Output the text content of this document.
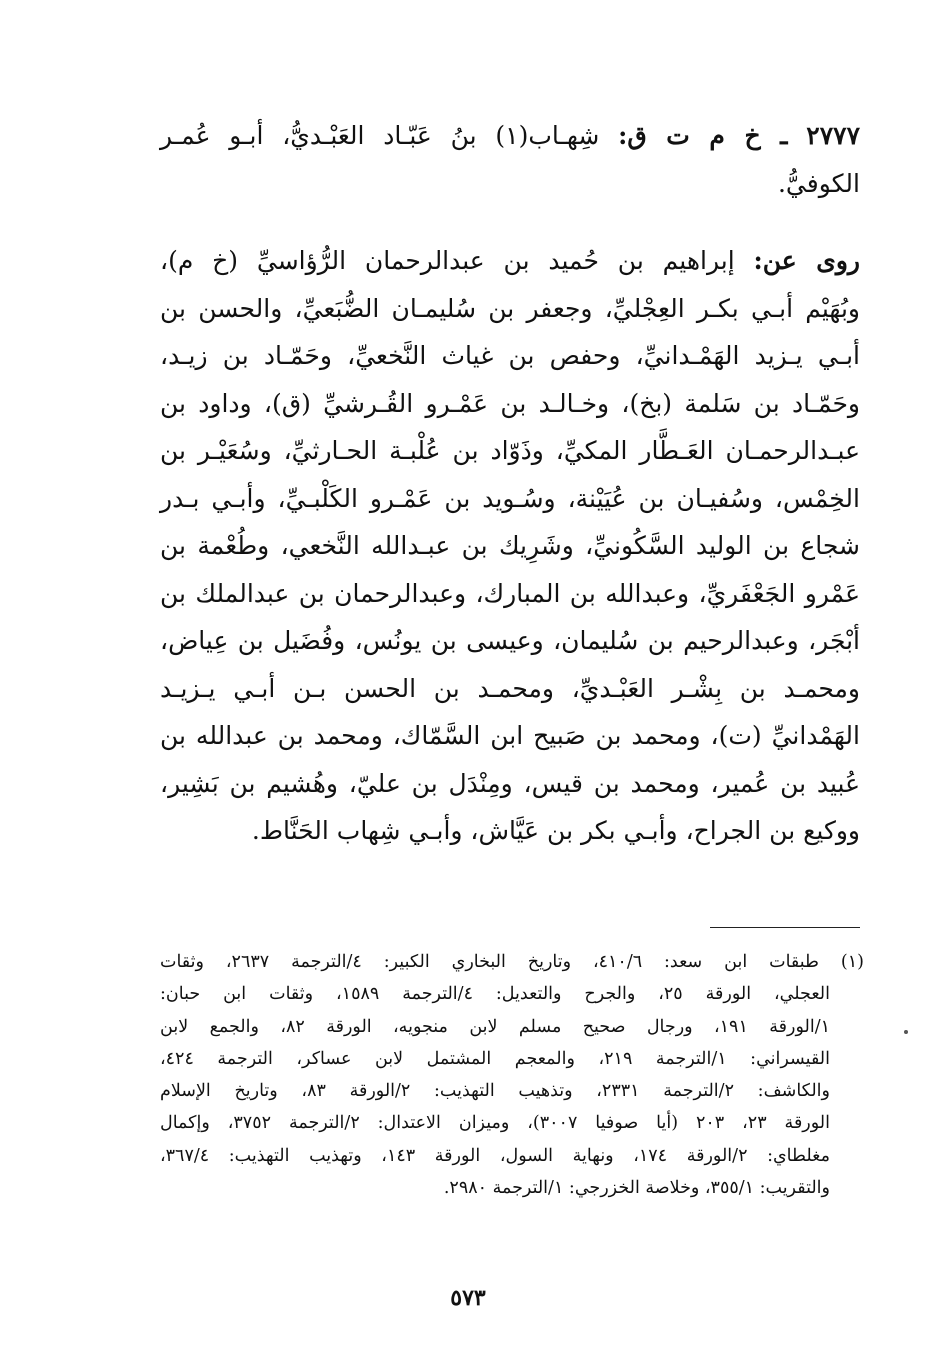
٢٧٧٧ ـ خ م ت ق: شِهـاب(١) بنُ عَبّـاد العَبْـديُّ، أبـو عُمـر
الكوفيُّ.
روى عن: إبراهيم بن حُميد بن عبدالرحمان الرُّؤاسيِّ (خ م)،
وبُهَيْم أبـي بكـر العِجْليِّ، وجعفر بن سُليمـان الضُّبَعيِّ، والحسن بن
أبـي يـزيد الهَمْـدانيِّ، وحفص بن غياث النَّخعيِّ، وحَمّـاد بن زيـد،
وحَمّـاد بن سَلمة (بخ)، وخـالـد بن عَمْـرو القُـرشيِّ (ق)، وداود بن
عبـدالرحمـان العَـطَّار المكيِّ، وذَوّاد بن عُلْبـة الحـارثيِّ، وسُعَيْـر بن
الخِمْس، وسُفيـان بن عُيَيْنة، وسُـويد بن عَمْـرو الكَلْبـيِّ، وأبـي بـدر
شجاع بن الوليد السَّكُونيِّ، وشَرِيك بن عبـدالله النَّخعي، وطُعْمة بن
عَمْرو الجَعْفَريِّ، وعبدالله بن المبارك، وعبدالرحمان بن عبدالملك بن
أبْجَر، وعبدالرحيم بن سُليمان، وعيسى بن يونُس، وفُضَيل بن عِياض،
ومحمـد بن بِشْـر العَبْـديِّ، ومحمـد بن الحسن بـن أبـي يـزيـد
الهَمْدانيِّ (ت)، ومحمد بن صَبيح ابن السَّمّاك، ومحمد بن عبدالله بن
عُبيد بن عُمير، ومحمد بن قيس، ومِنْدَل بن عليّ، وهُشيم بن بَشِير،
ووكيع بن الجراح، وأبـي بكر بن عَيَّاش، وأبـي شِهاب الحَنَّاط.
(١) طبقات ابن سعد: ٤١٠/٦، وتاريخ البخاري الكبير: ٤/الترجمة ٢٦٣٧، وثقات
العجلي، الورقة ٢٥، والجرح والتعديل: ٤/الترجمة ١٥٨٩، وثقات ابن حبان:
١/الورقة ١٩١، ورجال صحيح مسلم لابن منجويه، الورقة ٨٢، والجمع لابن
القيسراني: ١/الترجمة ٢١٩، والمعجم المشتمل لابن عساكر، الترجمة ٤٢٤،
والكاشف: ٢/الترجمة ٢٣٣١، وتذهيب التهذيب: ٢/الورقة ٨٣، وتاريخ الإسلام
الورقة ٢٣، ٢٠٣ (أيا صوفيا ٣٠٠٧)، وميزان الاعتدال: ٢/الترجمة ٣٧٥٢، وإكمال
مغلطاي: ٢/الورقة ١٧٤، ونهاية السول، الورقة ١٤٣، وتهذيب التهذيب: ٣٦٧/٤،
والتقريب: ٣٥٥/١، وخلاصة الخزرجي: ١/الترجمة ٢٩٨٠.
٥٧٣
